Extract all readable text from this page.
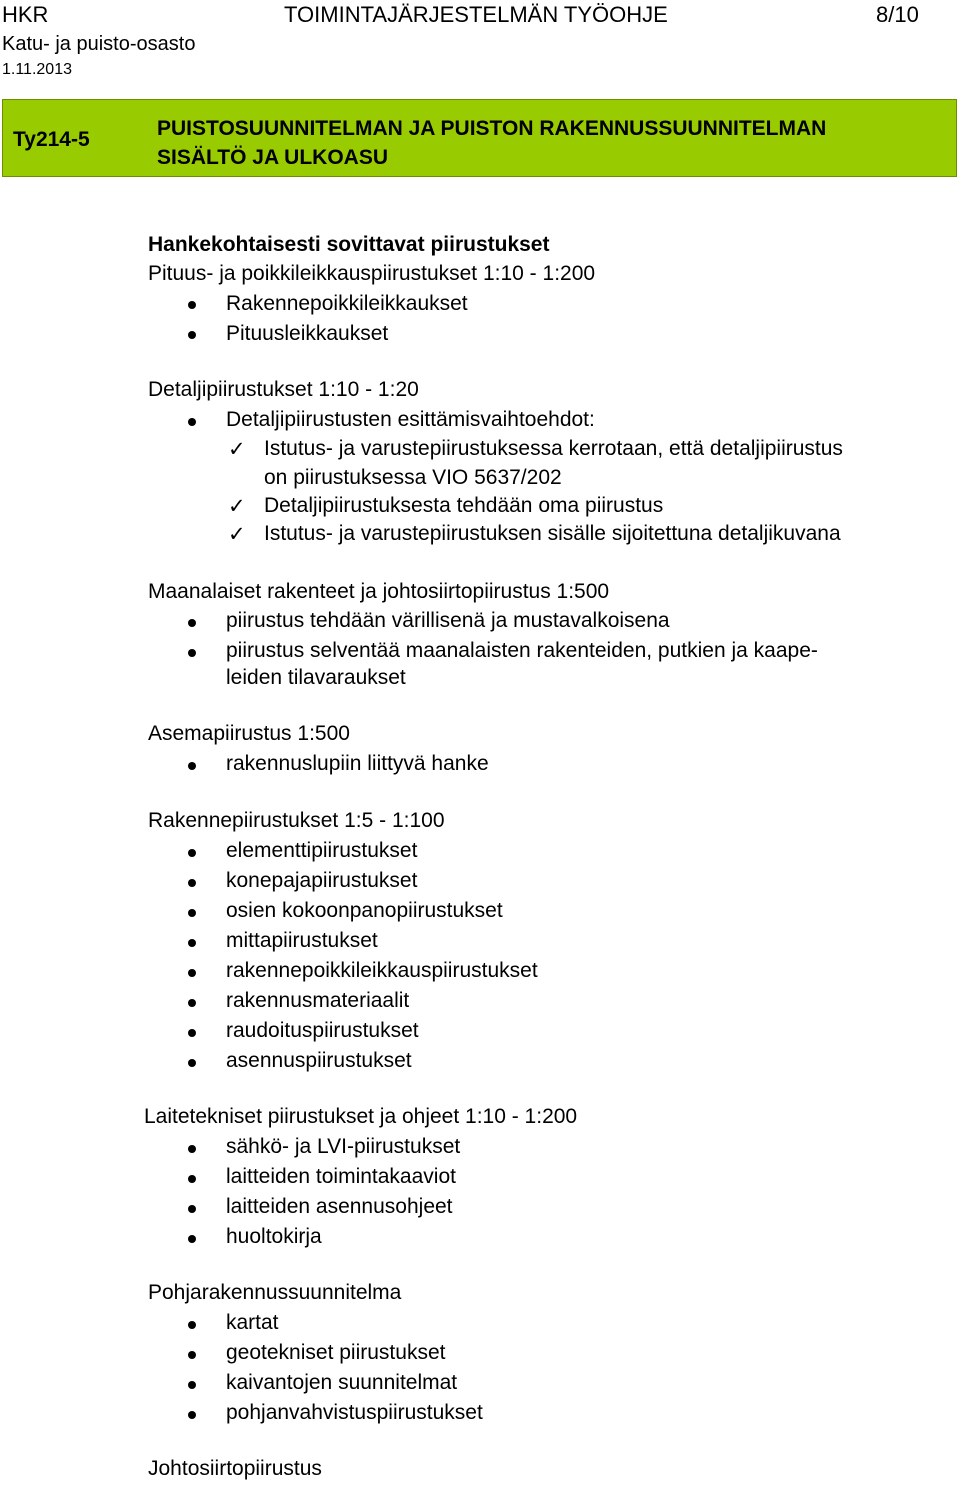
HKR	TOIMINTAJÄRJESTELMÄN TYÖOHJE	8/10
Katu- ja puisto-osasto
1.11.2013
Ty214-5	PUISTOSUUNNITELMAN JA PUISTON RAKENNUSSUUNNITELMAN
SISÄLTÖ JA ULKOASU
Hankekohtaisesti sovittavat piirustukset
Pituus- ja poikkileikkauspiirustukset 1:10 - 1:200
Rakennepoikkileikkaukset
Pituusleikkaukset
Detaljipiirustukset 1:10 - 1:20
Detaljipiirustusten esittämisvaihtoehdot:
✓ Istutus- ja varustepiirustuksessa kerrotaan, että detaljipiirustus
on piirustuksessa VIO 5637/202
✓ Detaljipiirustuksesta tehdään oma piirustus
✓ Istutus- ja varustepiirustuksen sisälle sijoitettuna detaljikuvana
Maanalaiset rakenteet ja johtosiirtopiirustus 1:500
piirustus tehdään värillisenä ja mustavalkoisena
piirustus selventää maanalaisten rakenteiden, putkien ja kaape-
leiden tilavaraukset
Asemapiirustus 1:500
rakennuslupiin liittyvä hanke
Rakennepiirustukset 1:5 - 1:100
elementtipiirustukset
konepajapiirustukset
osien kokoonpanopiirustukset
mittapiirustukset
rakennepoikkileikkauspiirustukset
rakennusmateriaalit
raudoituspiirustukset
asennuspiirustukset
Laitetekniset piirustukset ja ohjeet 1:10 - 1:200
sähkö- ja LVI-piirustukset
laitteiden toimintakaaviot
laitteiden asennusohjeet
huoltokirja
Pohjarakennussuunnitelma
kartat
geotekniset piirustukset
kaivantojen suunnitelmat
pohjanvahvistuspiirustukset
Johtosiirtopiirustus
